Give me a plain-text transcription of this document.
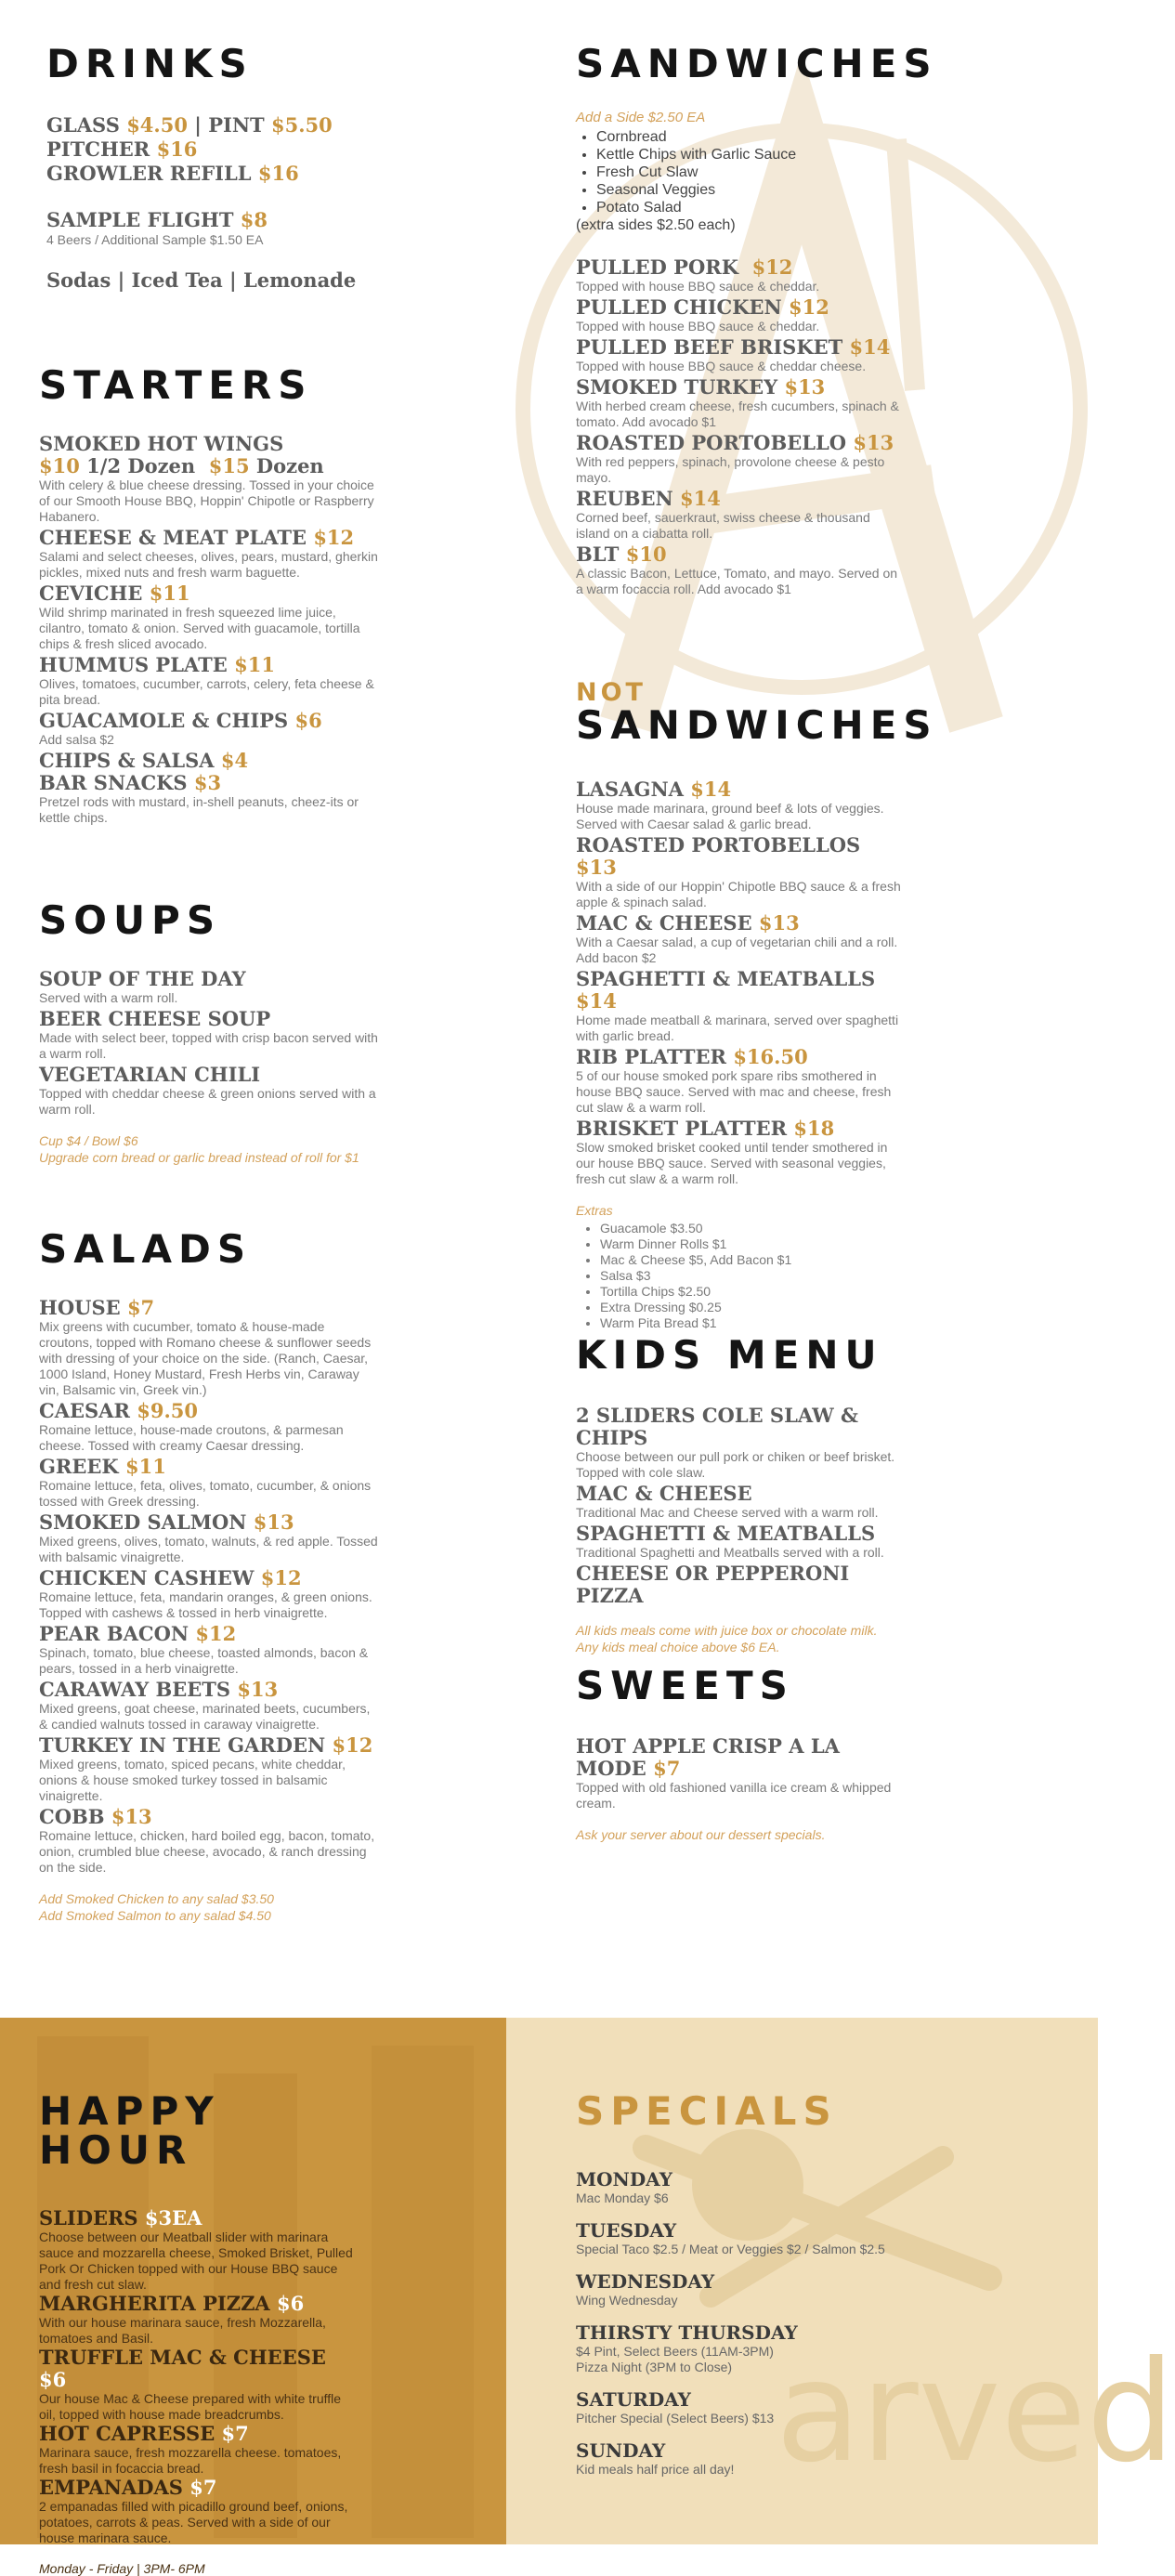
DRINKS
GLASS $4.50 | PINT $5.50
PITCHER $16
GROWLER REFILL $16
SAMPLE FLIGHT $8
4 Beers / Additional Sample $1.50 EA
Sodas | Iced Tea | Lemonade
STARTERS
SMOKED HOT WINGS
$10 1/2 Dozen $15 Dozen
With celery & blue cheese dressing. Tossed in your choice of our Smooth House BBQ, Hoppin' Chipotle or Raspberry Habanero.
CHEESE & MEAT PLATE $12
Salami and select cheeses, olives, pears, mustard, gherkin pickles, mixed nuts and fresh warm baguette.
CEVICHE $11
Wild shrimp marinated in fresh squeezed lime juice, cilantro, tomato & onion. Served with guacamole, tortilla chips & fresh sliced avocado.
HUMMUS PLATE $11
Olives, tomatoes, cucumber, carrots, celery, feta cheese & pita bread.
GUACAMOLE & CHIPS $6
Add salsa $2
CHIPS & SALSA $4
BAR SNACKS $3
Pretzel rods with mustard, in-shell peanuts, cheez-its or kettle chips.
SOUPS
SOUP OF THE DAY
Served with a warm roll.
BEER CHEESE SOUP
Made with select beer, topped with crisp bacon served with a warm roll.
VEGETARIAN CHILI
Topped with cheddar cheese & green onions served with a warm roll.
Cup $4 / Bowl $6
Upgrade corn bread or garlic bread instead of roll for $1
SALADS
HOUSE $7
Mix greens with cucumber, tomato & house-made croutons, topped with Romano cheese & sunflower seeds with dressing of your choice on the side. (Ranch, Caesar, 1000 Island, Honey Mustard, Fresh Herbs vin, Caraway vin, Balsamic vin, Greek vin.)
CAESAR $9.50
Romaine lettuce, house-made croutons, & parmesan cheese. Tossed with creamy Caesar dressing.
GREEK $11
Romaine lettuce, feta, olives, tomato, cucumber, & onions tossed with Greek dressing.
SMOKED SALMON $13
Mixed greens, olives, tomato, walnuts, & red apple. Tossed with balsamic vinaigrette.
CHICKEN CASHEW $12
Romaine lettuce, feta, mandarin oranges, & green onions. Topped with cashews & tossed in herb vinaigrette.
PEAR BACON $12
Spinach, tomato, blue cheese, toasted almonds, bacon & pears, tossed in a herb vinaigrette.
CARAWAY BEETS $13
Mixed greens, goat cheese, marinated beets, cucumbers, & candied walnuts tossed in caraway vinaigrette.
TURKEY IN THE GARDEN $12
Mixed greens, tomato, spiced pecans, white cheddar, onions & house smoked turkey tossed in balsamic vinaigrette.
COBB $13
Romaine lettuce, chicken, hard boiled egg, bacon, tomato, onion, crumbled blue cheese, avocado, & ranch dressing on the side.
Add Smoked Chicken to any salad $3.50
Add Smoked Salmon to any salad $4.50
SANDWICHES
Add a Side $2.50 EA
• Cornbread
• Kettle Chips with Garlic Sauce
• Fresh Cut Slaw
• Seasonal Veggies
• Potato Salad
(extra sides $2.50 each)
PULLED PORK $12
Topped with house BBQ sauce & cheddar.
PULLED CHICKEN $12
Topped with house BBQ sauce & cheddar.
PULLED BEEF BRISKET $14
Topped with house BBQ sauce & cheddar cheese.
SMOKED TURKEY $13
With herbed cream cheese, fresh cucumbers, spinach & tomato. Add avocado $1
ROASTED PORTOBELLO $13
With red peppers, spinach, provolone cheese & pesto mayo.
REUBEN $14
Corned beef, sauerkraut, swiss cheese & thousand island on a ciabatta roll.
BLT $10
A classic Bacon, Lettuce, Tomato, and mayo. Served on a warm focaccia roll. Add avocado $1
NOT
SANDWICHES
LASAGNA $14
House made marinara, ground beef & lots of veggies. Served with Caesar salad & garlic bread.
ROASTED PORTOBELLOS $13
With a side of our Hoppin' Chipotle BBQ sauce & a fresh apple & spinach salad.
MAC & CHEESE $13
With a Caesar salad, a cup of vegetarian chili and a roll. Add bacon $2
SPAGHETTI & MEATBALLS $14
Home made meatball & marinara, served over spaghetti with garlic bread.
RIB PLATTER $16.50
5 of our house smoked pork spare ribs smothered in house BBQ sauce. Served with mac and cheese, fresh cut slaw & a warm roll.
BRISKET PLATTER $18
Slow smoked brisket cooked until tender smothered in our house BBQ sauce. Served with seasonal veggies, fresh cut slaw & a warm roll.
Extras
• Guacamole $3.50
• Warm Dinner Rolls $1
• Mac & Cheese $5, Add Bacon $1
• Salsa $3
• Tortilla Chips $2.50
• Extra Dressing $0.25
• Warm Pita Bread $1
KIDS MENU
2 SLIDERS COLE SLAW & CHIPS
Choose between our pull pork or chiken or beef brisket. Topped with cole slaw.
MAC & CHEESE
Traditional Mac and Cheese served with a warm roll.
SPAGHETTI & MEATBALLS
Traditional Spaghetti and Meatballs served with a roll.
CHEESE OR PEPPERONI PIZZA
All kids meals come with juice box or chocolate milk.
Any kids meal choice above $6 EA.
SWEETS
HOT APPLE CRISP A LA MODE $7
Topped with old fashioned vanilla ice cream & whipped cream.
Ask your server about our dessert specials.
HAPPY HOUR
SLIDERS $3EA
Choose between our Meatball slider with marinara sauce and mozzarella cheese, Smoked Brisket, Pulled Pork Or Chicken topped with our House BBQ sauce and fresh cut slaw.
MARGHERITA PIZZA $6
With our house marinara sauce, fresh Mozzarella, tomatoes and Basil.
TRUFFLE MAC & CHEESE $6
Our house Mac & Cheese prepared with white truffle oil, topped with house made breadcrumbs.
HOT CAPRESSE $7
Marinara sauce, fresh mozzarella cheese. tomatoes, fresh basil in focaccia bread.
EMPANADAS $7
2 empanadas filled with picadillo ground beef, onions, potatoes, carrots & peas. Served with a side of our house marinara sauce.
Monday - Friday | 3PM- 6PM
arved
SPECIALS
MONDAY
Mac Monday $6
TUESDAY
Special Taco $2.5 / Meat or Veggies $2 / Salmon $2.5
WEDNESDAY
Wing Wednesday
THIRSTY THURSDAY
$4 Pint, Select Beers (11AM-3PM)
Pizza Night (3PM to Close)
SATURDAY
Pitcher Special (Select Beers) $13
SUNDAY
Kid meals half price all day!
